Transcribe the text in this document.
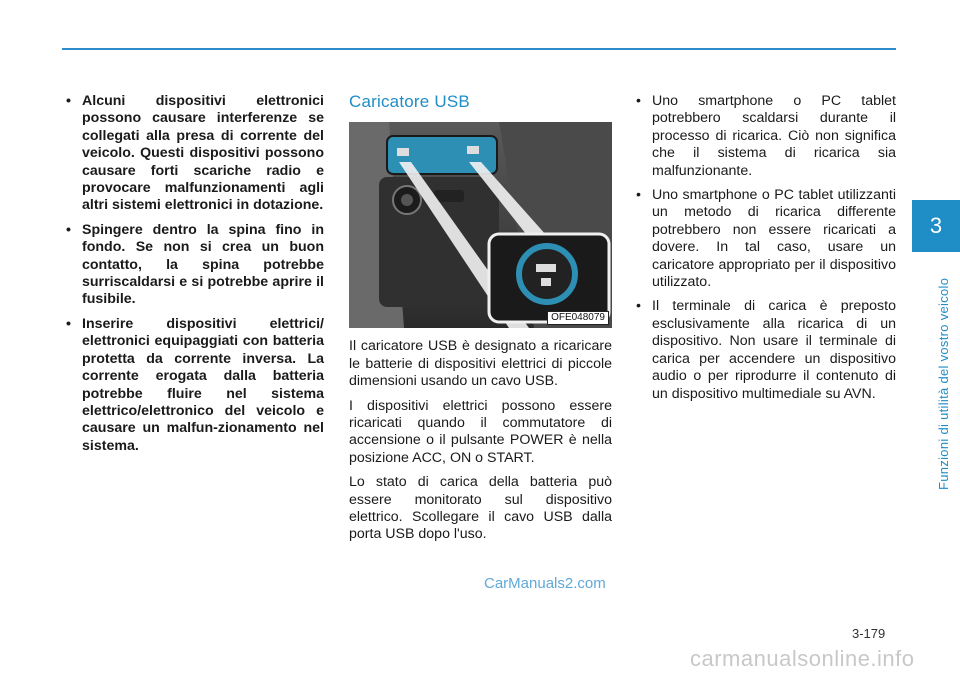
3
Funzioni di utilità del vostro veicolo
• Alcuni dispositivi elettronici possono causare interferenze se collegati alla presa di corrente del veicolo. Questi dispositivi possono causare forti scariche radio e provocare malfunzionamenti agli altri sistemi elettronici in dotazione.
• Spingere dentro la spina fino in fondo. Se non si crea un buon contatto, la spina potrebbe surriscaldarsi e si potrebbe aprire il fusibile.
• Inserire dispositivi elettrici/ elettronici equipaggiati con batteria protetta da corrente inversa. La corrente erogata dalla batteria potrebbe fluire nel sistema elettrico/elettronico del veicolo e causare un malfun-zionamento nel sistema.
Caricatore USB
OFE048079

Il caricatore USB è designato a ricaricare le batterie di dispositivi elettrici di piccole dimensioni usando un cavo USB.

I dispositivi elettrici possono essere ricaricati quando il commutatore di accensione o il pulsante POWER è nella posizione ACC, ON o START.

Lo stato di carica della batteria può essere monitorato sul dispositivo elettrico. Scollegare il cavo USB dalla porta USB dopo l'uso.

• Uno smartphone o PC tablet potrebbero scaldarsi durante il processo di ricarica. Ciò non significa che il sistema di ricarica sia malfunzionante.
• Uno smartphone o PC tablet utilizzanti un metodo di ricarica differente potrebbero non essere ricaricati a dovere. In tal caso, usare un caricatore appropriato per il dispositivo utilizzato.
• Il terminale di carica è preposto esclusivamente alla ricarica di un dispositivo. Non usare il terminale di carica per accendere un dispositivo audio o per riprodurre il contenuto di un dispositivo multimediale su AVN.
CarManuals2.com
3-179
carmanualsonline.info
